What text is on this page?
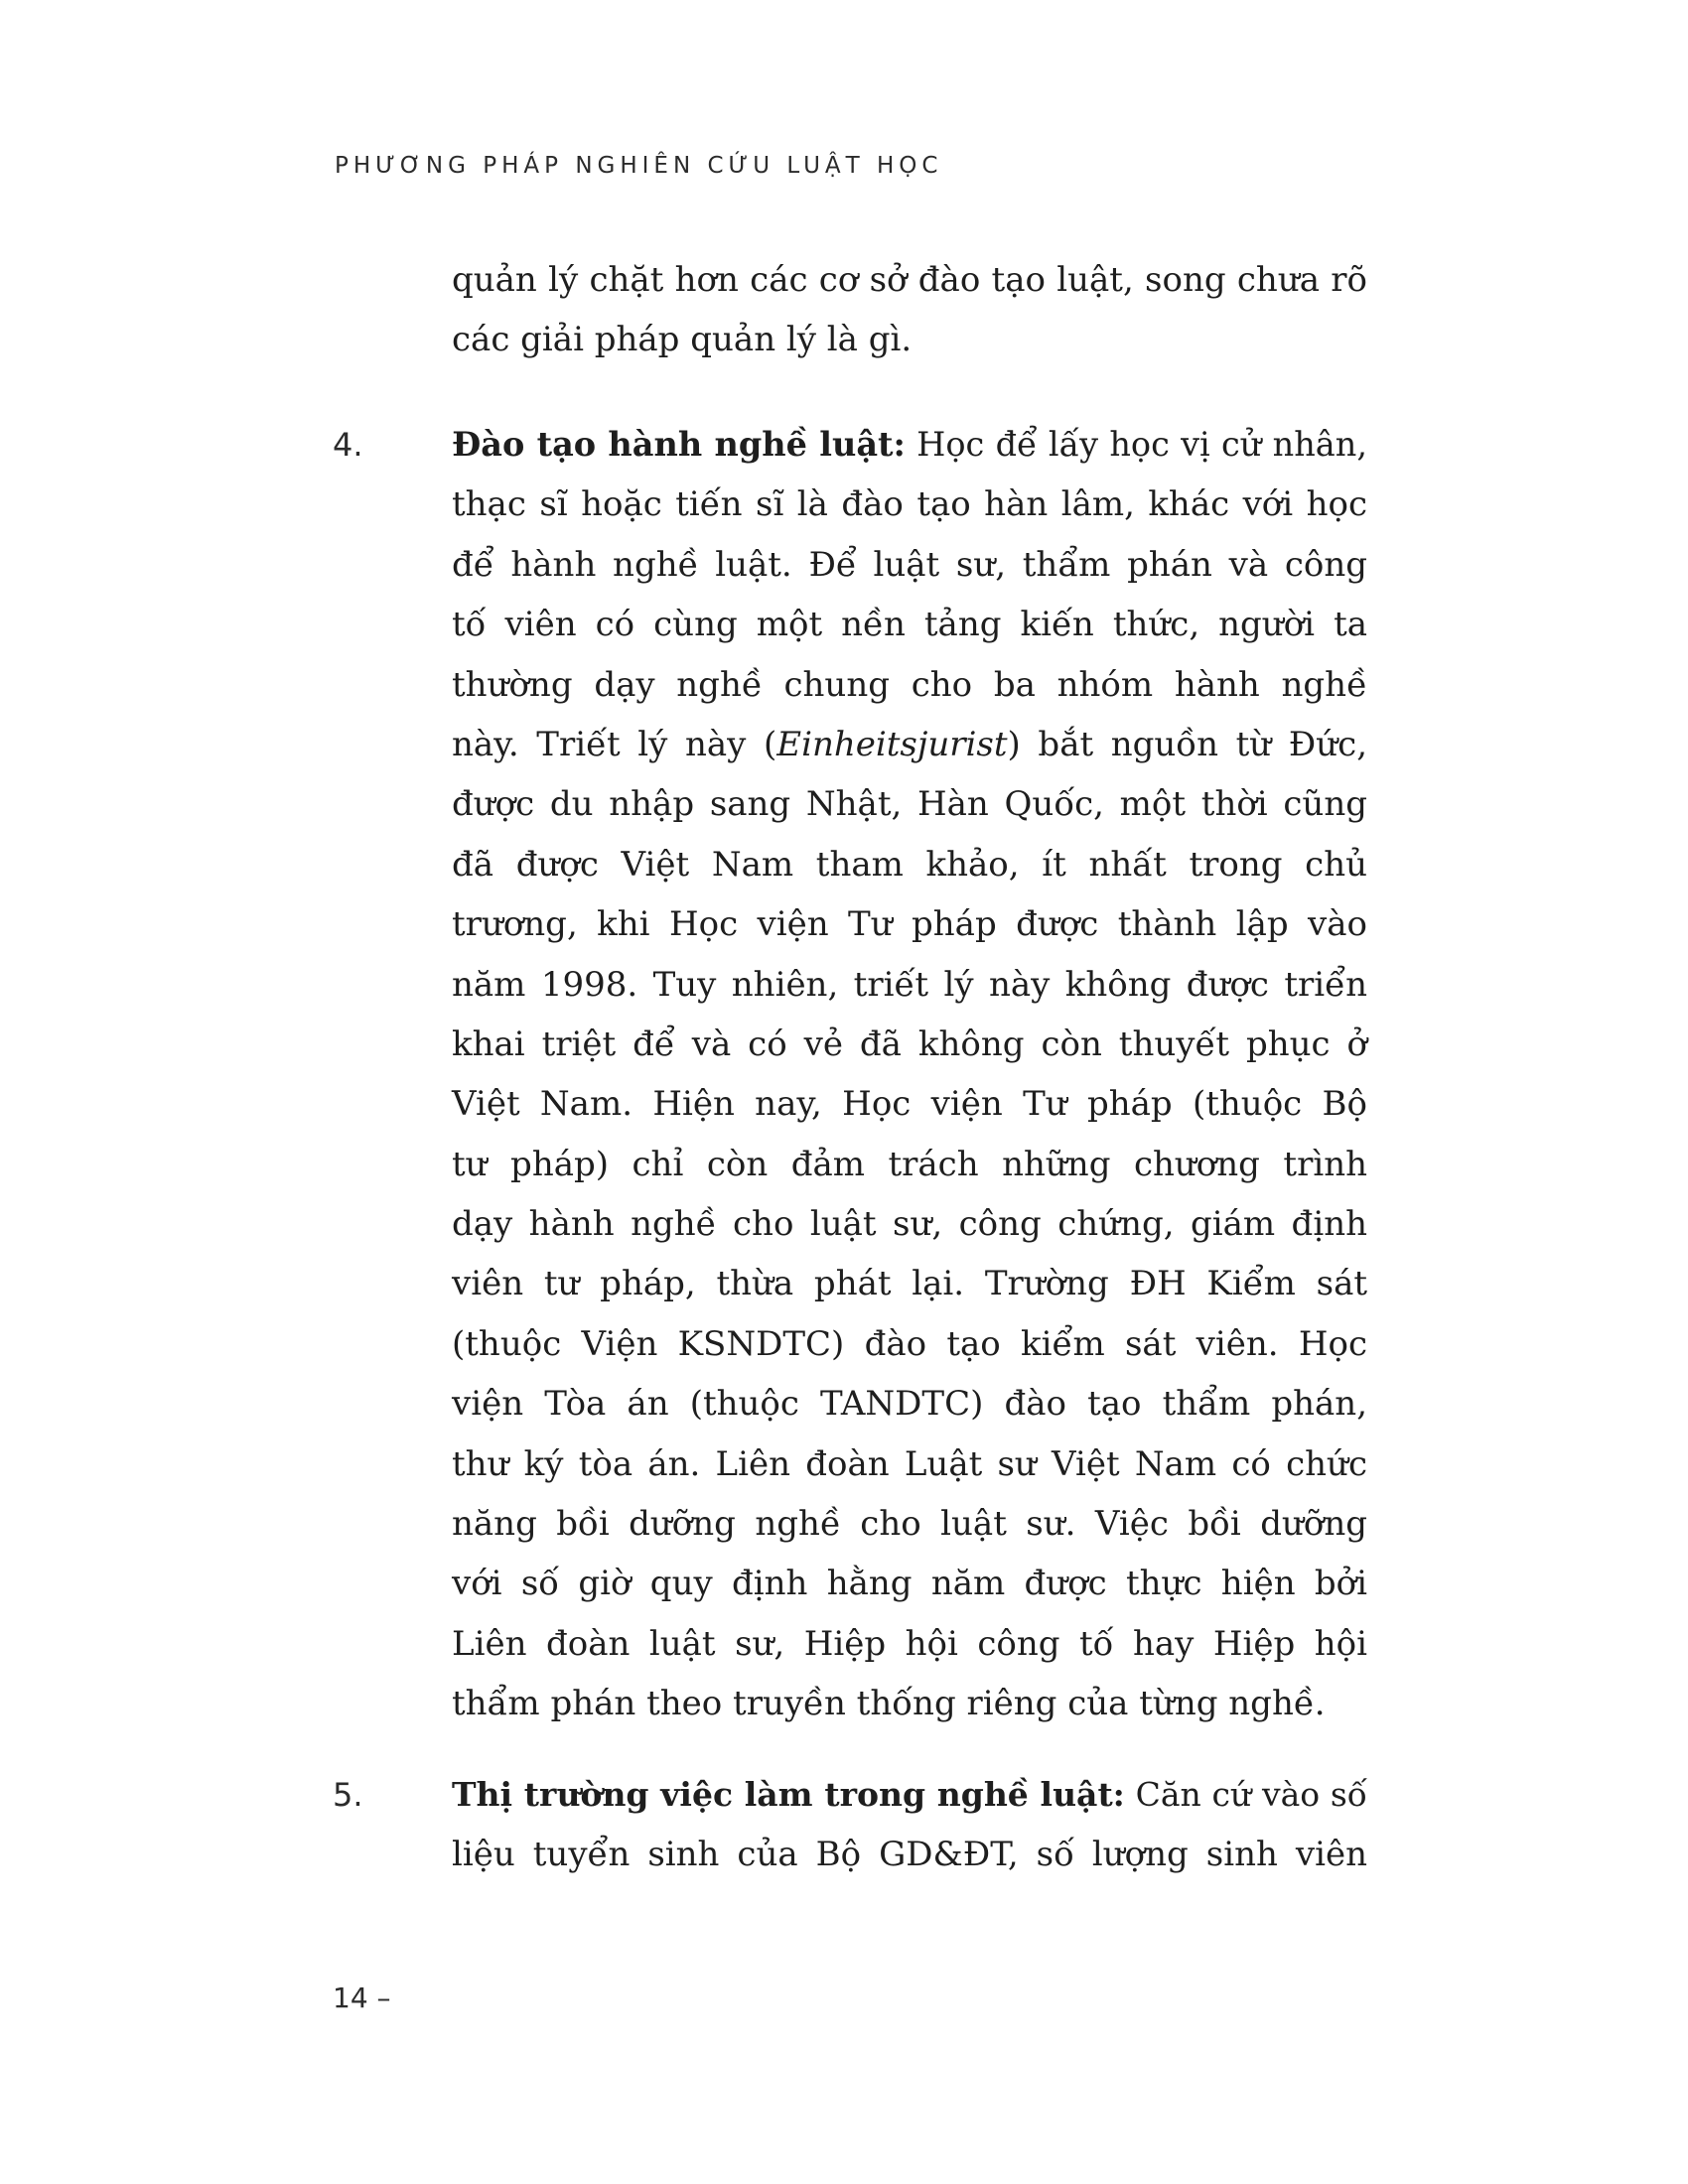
PHƯƠNG PHÁP NGHIÊN CỨU LUẬT HỌC
quản lý chặt hơn các cơ sở đào tạo luật, song chưa rõ
các giải pháp quản lý là gì.
4.	Đào tạo hành nghề luật: Học để lấy học vị cử nhân,
thạc sĩ hoặc tiến sĩ là đào tạo hàn lâm, khác với học
để hành nghề luật. Để luật sư, thẩm phán và công
tố viên có cùng một nền tảng kiến thức, người ta
thường dạy nghề chung cho ba nhóm hành nghề
này. Triết lý này (Einheitsjurist) bắt nguồn từ Đức,
được du nhập sang Nhật, Hàn Quốc, một thời cũng
đã được Việt Nam tham khảo, ít nhất trong chủ
trương, khi Học viện Tư pháp được thành lập vào
năm 1998. Tuy nhiên, triết lý này không được triển
khai triệt để và có vẻ đã không còn thuyết phục ở
Việt Nam. Hiện nay, Học viện Tư pháp (thuộc Bộ
tư pháp) chỉ còn đảm trách những chương trình
dạy hành nghề cho luật sư, công chứng, giám định
viên tư pháp, thừa phát lại. Trường ĐH Kiểm sát
(thuộc Viện KSNDTC) đào tạo kiểm sát viên. Học
viện Tòa án (thuộc TANDTC) đào tạo thẩm phán,
thư ký tòa án. Liên đoàn Luật sư Việt Nam có chức
năng bồi dưỡng nghề cho luật sư. Việc bồi dưỡng
với số giờ quy định hằng năm được thực hiện bởi
Liên đoàn luật sư, Hiệp hội công tố hay Hiệp hội
thẩm phán theo truyền thống riêng của từng nghề.
5.	Thị trường việc làm trong nghề luật: Căn cứ vào số
liệu tuyển sinh của Bộ GD&ĐT, số lượng sinh viên
14 –
